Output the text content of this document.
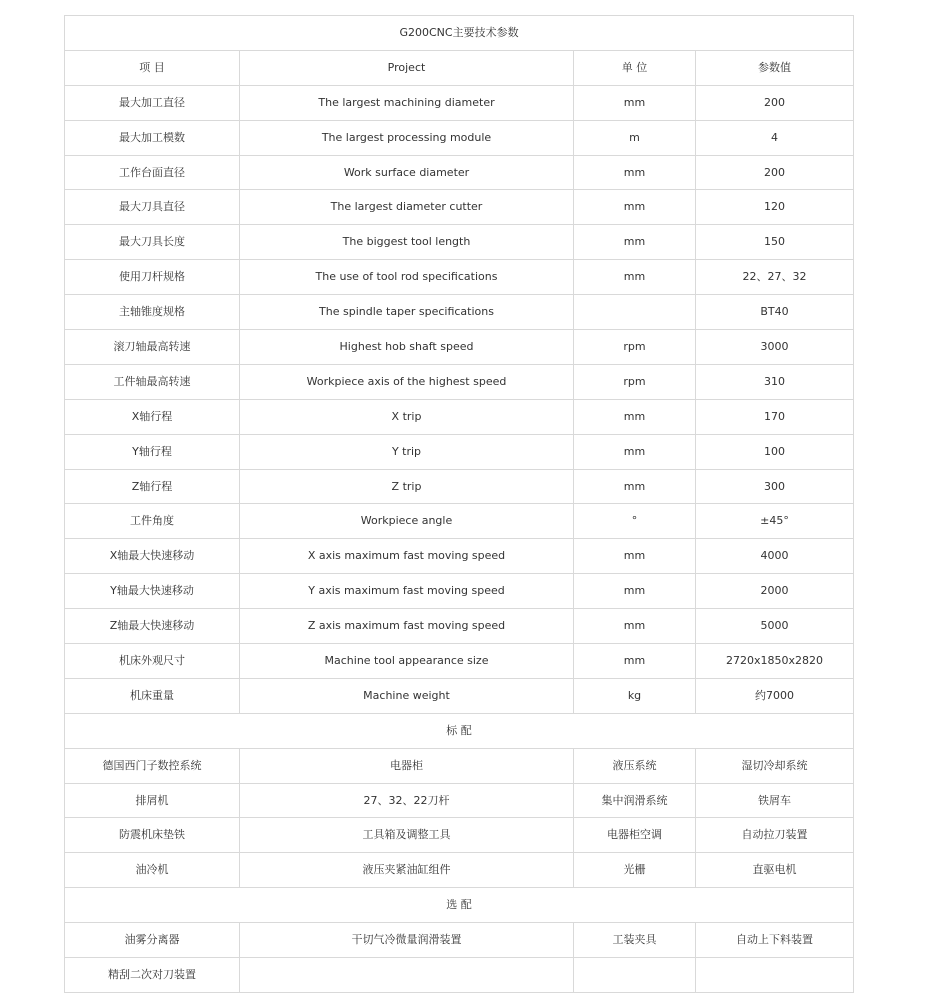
G200CNC主要技术参数			
项 目	Project	单 位	参数值
最大加工直径	The largest machining diameter	mm	200
最大加工模数	The largest processing module	m	4
工作台面直径	Work surface diameter	mm	200
最大刀具直径	The largest diameter cutter	mm	120
最大刀具长度	The biggest tool length	mm	150
使用刀杆规格	The use of tool rod specifications	mm	22、27、32
主轴锥度规格	The spindle taper specifications		BT40
滚刀轴最高转速	Highest hob shaft speed	rpm	3000
工件轴最高转速	Workpiece axis of the highest speed	rpm	310
X轴行程	X trip	mm	170
Y轴行程	Y trip	mm	100
Z轴行程	Z trip	mm	300
工件角度	Workpiece angle	°	±45°
X轴最大快速移动	X axis maximum fast moving speed	mm	4000
Y轴最大快速移动	Y axis maximum fast moving speed	mm	2000
Z轴最大快速移动	Z axis maximum fast moving speed	mm	5000
机床外观尺寸	Machine tool appearance size	mm	2720x1850x2820
机床重量	Machine weight	kg	约7000
标 配			
德国西门子数控系统	电器柜	液压系统	湿切冷却系统
排屑机	27、32、22刀杆	集中润滑系统	铁屑车
防震机床垫铁	工具箱及调整工具	电器柜空调	自动拉刀装置
油冷机	液压夹紧油缸组件	光栅	直驱电机
选 配			
油雾分离器	干切气冷微量润滑装置	工装夹具	自动上下料装置
精刮二次对刀装置			
